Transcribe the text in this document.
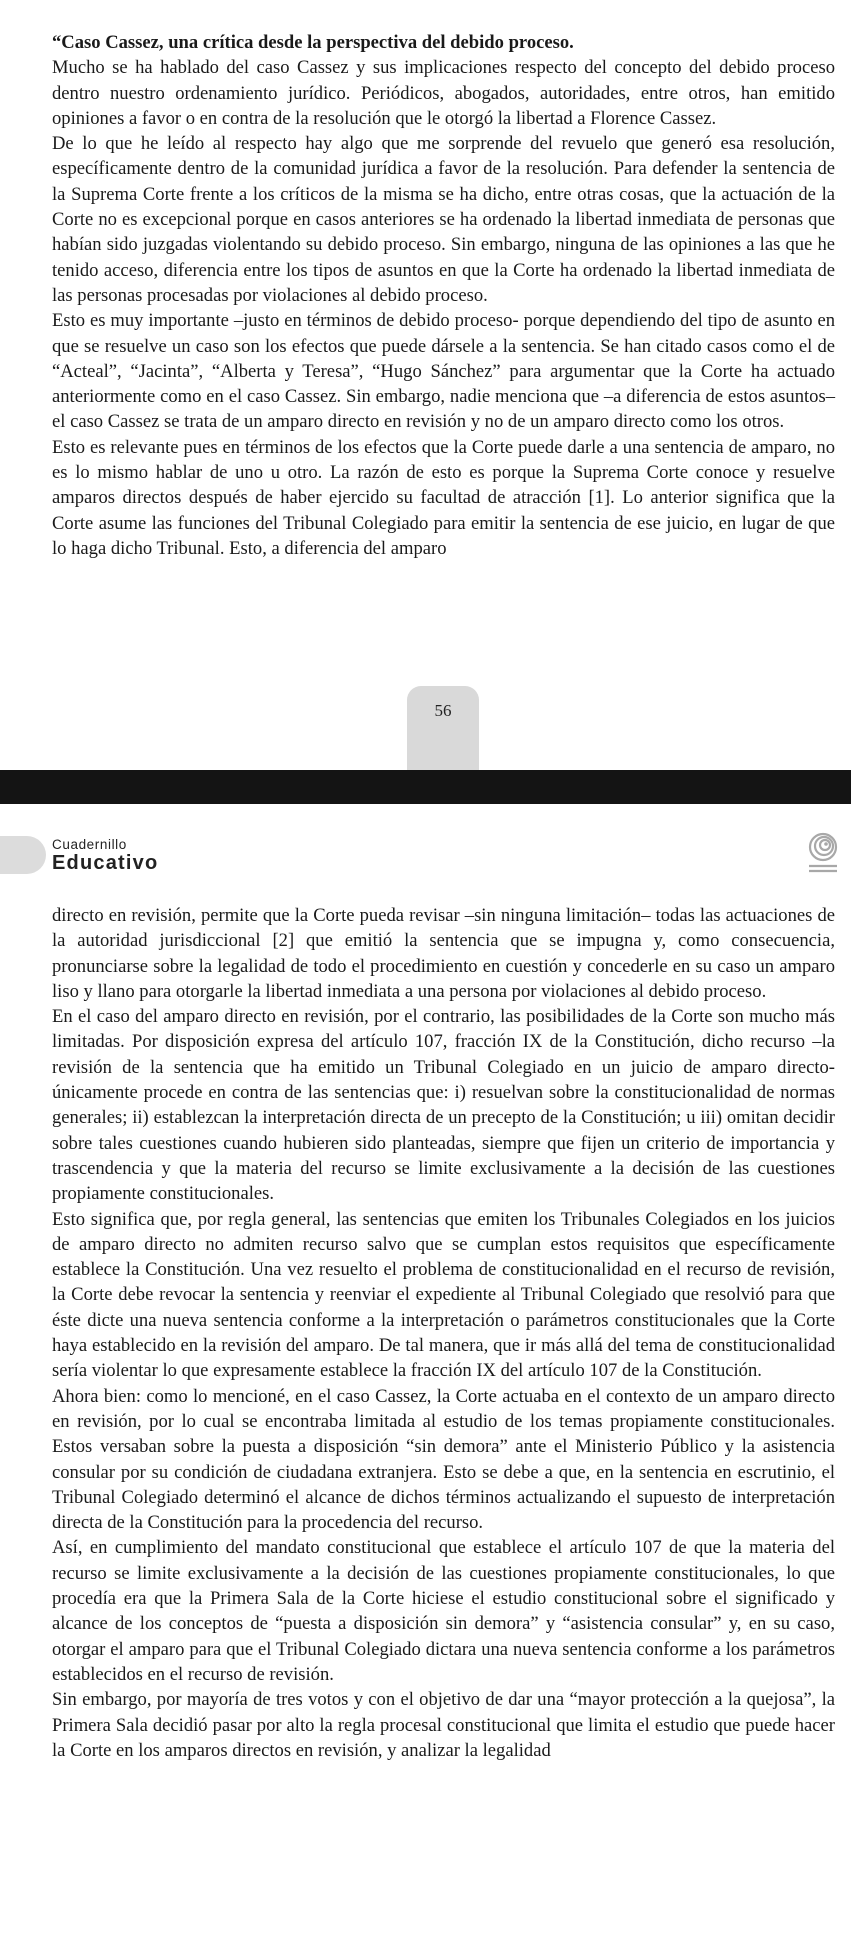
“Caso Cassez, una crítica desde la perspectiva del debido proceso.

Mucho se ha hablado del caso Cassez y sus implicaciones respecto del concepto del debido proceso dentro nuestro ordenamiento jurídico. Periódicos, abogados, autoridades, entre otros, han emitido opiniones a favor o en contra de la resolución que le otorgó la libertad a Florence Cassez.

De lo que he leído al respecto hay algo que me sorprende del revuelo que generó esa resolución, específicamente dentro de la comunidad jurídica a favor de la resolución. Para defender la sentencia de la Suprema Corte frente a los críticos de la misma se ha dicho, entre otras cosas, que la actuación de la Corte no es excepcional porque en casos anteriores se ha ordenado la libertad inmediata de personas que habían sido juzgadas violentando su debido proceso. Sin embargo, ninguna de las opiniones a las que he tenido acceso, diferencia entre los tipos de asuntos en que la Corte ha ordenado la libertad inmediata de las personas procesadas por violaciones al debido proceso.

Esto es muy importante –justo en términos de debido proceso- porque dependiendo del tipo de asunto en que se resuelve un caso son los efectos que puede dársele a la sentencia. Se han citado casos como el de “Acteal”, “Jacinta”, “Alberta y Teresa”, “Hugo Sánchez” para argumentar que la Corte ha actuado anteriormente como en el caso Cassez. Sin embargo, nadie menciona que –a diferencia de estos asuntos– el caso Cassez se trata de un amparo directo en revisión y no de un amparo directo como los otros.

Esto es relevante pues en términos de los efectos que la Corte puede darle a una sentencia de amparo, no es lo mismo hablar de uno u otro. La razón de esto es porque la Suprema Corte conoce y resuelve amparos directos después de haber ejercido su facultad de atracción [1]. Lo anterior significa que la Corte asume las funciones del Tribunal Colegiado para emitir la sentencia de ese juicio, en lugar de que lo haga dicho Tribunal. Esto, a diferencia del amparo

56
Cuadernillo
Educativo

directo en revisión, permite que la Corte pueda revisar –sin ninguna limitación– todas las actuaciones de la autoridad jurisdiccional [2] que emitió la sentencia que se impugna y, como consecuencia, pronunciarse sobre la legalidad de todo el procedimiento en cuestión y concederle en su caso un amparo liso y llano para otorgarle la libertad inmediata a una persona por violaciones al debido proceso.

En el caso del amparo directo en revisión, por el contrario, las posibilidades de la Corte son mucho más limitadas. Por disposición expresa del artículo 107, fracción IX de la Constitución, dicho recurso –la revisión de la sentencia que ha emitido un Tribunal Colegiado en un juicio de amparo directo- únicamente procede en contra de las sentencias que: i) resuelvan sobre la constitucionalidad de normas generales; ii) establezcan la interpretación directa de un precepto de la Constitución; u iii) omitan decidir sobre tales cuestiones cuando hubieren sido planteadas, siempre que fijen un criterio de importancia y trascendencia y que la materia del recurso se limite exclusivamente a la decisión de las cuestiones propiamente constitucionales.

Esto significa que, por regla general, las sentencias que emiten los Tribunales Colegiados en los juicios de amparo directo no admiten recurso salvo que se cumplan estos requisitos que específicamente establece la Constitución. Una vez resuelto el problema de constitucionalidad en el recurso de revisión, la Corte debe revocar la sentencia y reenviar el expediente al Tribunal Colegiado que resolvió para que éste dicte una nueva sentencia conforme a la interpretación o parámetros constitucionales que la Corte haya establecido en la revisión del amparo. De tal manera, que ir más allá del tema de constitucionalidad sería violentar lo que expresamente establece la fracción IX del artículo 107 de la Constitución.

Ahora bien: como lo mencioné, en el caso Cassez, la Corte actuaba en el contexto de un amparo directo en revisión, por lo cual se encontraba limitada al estudio de los temas propiamente constitucionales. Estos versaban sobre la puesta a disposición “sin demora” ante el Ministerio Público y la asistencia consular por su condición de ciudadana extranjera. Esto se debe a que, en la sentencia en escrutinio, el Tribunal Colegiado determinó el alcance de dichos términos actualizando el supuesto de interpretación directa de la Constitución para la procedencia del recurso.

Así, en cumplimiento del mandato constitucional que establece el artículo 107 de que la materia del recurso se limite exclusivamente a la decisión de las cuestiones propiamente constitucionales, lo que procedía era que la Primera Sala de la Corte hiciese el estudio constitucional sobre el significado y alcance de los conceptos de “puesta a disposición sin demora” y “asistencia consular” y, en su caso, otorgar el amparo para que el Tribunal Colegiado dictara una nueva sentencia conforme a los parámetros establecidos en el recurso de revisión.

Sin embargo, por mayoría de tres votos y con el objetivo de dar una “mayor protección a la quejosa”, la Primera Sala decidió pasar por alto la regla procesal constitucional que limita el estudio que puede hacer la Corte en los amparos directos en revisión, y analizar la legalidad
